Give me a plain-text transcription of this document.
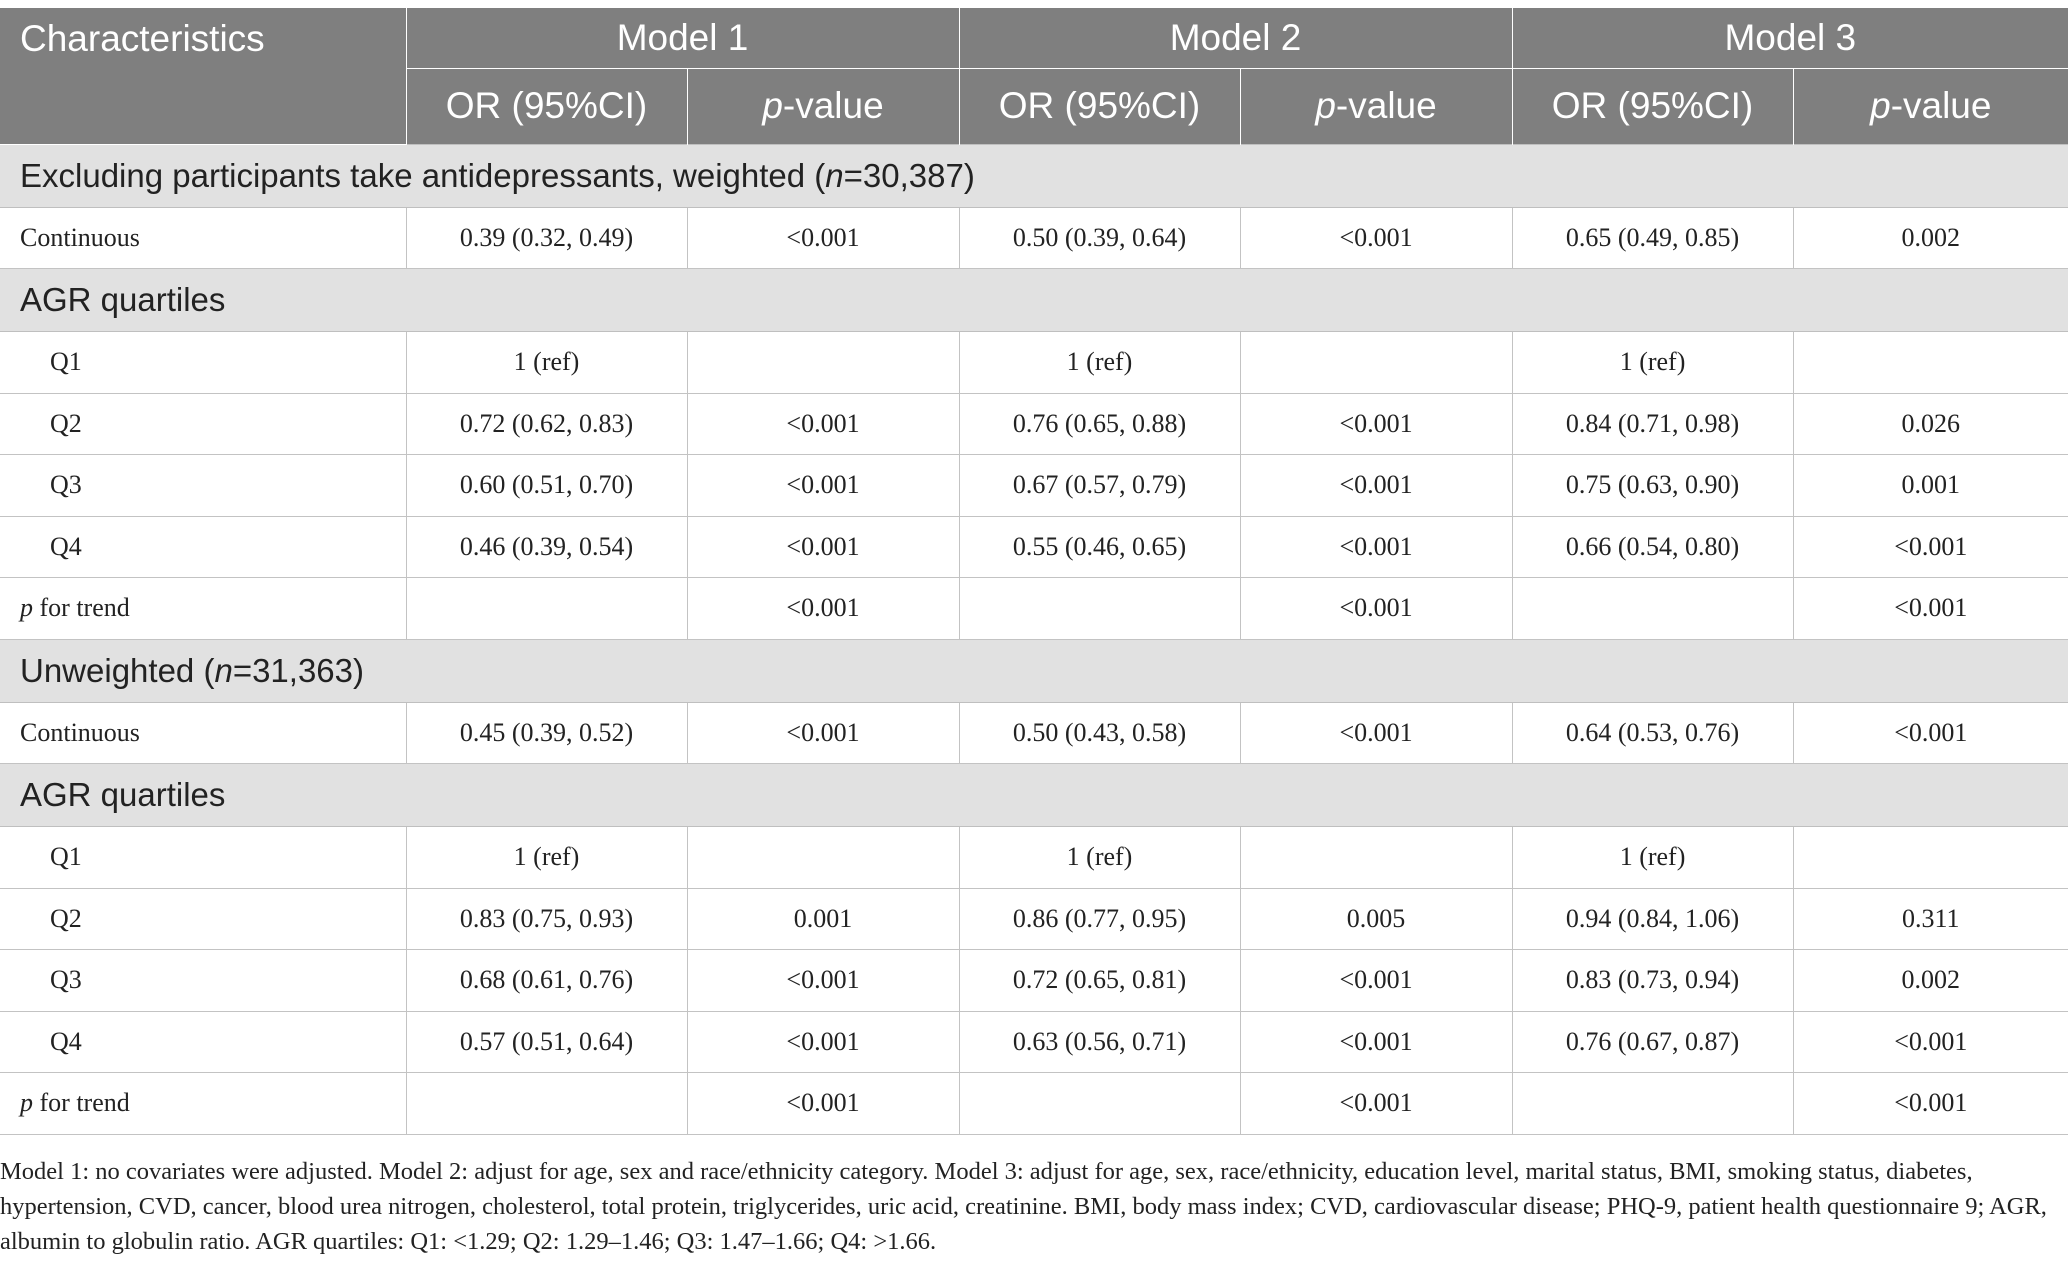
Characteristics	Model 1		Model 2		Model 3	
	OR (95%CI)	p-value	OR (95%CI)	p-value	OR (95%CI)	p-value
Excluding participants take antidepressants, weighted (n=30,387)						
Continuous	0.39 (0.32, 0.49)	<0.001	0.50 (0.39, 0.64)	<0.001	0.65 (0.49, 0.85)	0.002
AGR quartiles						
Q1	1 (ref)		1 (ref)		1 (ref)	
Q2	0.72 (0.62, 0.83)	<0.001	0.76 (0.65, 0.88)	<0.001	0.84 (0.71, 0.98)	0.026
Q3	0.60 (0.51, 0.70)	<0.001	0.67 (0.57, 0.79)	<0.001	0.75 (0.63, 0.90)	0.001
Q4	0.46 (0.39, 0.54)	<0.001	0.55 (0.46, 0.65)	<0.001	0.66 (0.54, 0.80)	<0.001
p for trend		<0.001		<0.001		<0.001
Unweighted (n=31,363)						
Continuous	0.45 (0.39, 0.52)	<0.001	0.50 (0.43, 0.58)	<0.001	0.64 (0.53, 0.76)	<0.001
AGR quartiles						
Q1	1 (ref)		1 (ref)		1 (ref)	
Q2	0.83 (0.75, 0.93)	0.001	0.86 (0.77, 0.95)	0.005	0.94 (0.84, 1.06)	0.311
Q3	0.68 (0.61, 0.76)	<0.001	0.72 (0.65, 0.81)	<0.001	0.83 (0.73, 0.94)	0.002
Q4	0.57 (0.51, 0.64)	<0.001	0.63 (0.56, 0.71)	<0.001	0.76 (0.67, 0.87)	<0.001
p for trend		<0.001		<0.001		<0.001
Model 1: no covariates were adjusted. Model 2: adjust for age, sex and race/ethnicity category. Model 3: adjust for age, sex, race/ethnicity, education level, marital status, BMI, smoking status, diabetes, hypertension, CVD, cancer, blood urea nitrogen, cholesterol, total protein, triglycerides, uric acid, creatinine. BMI, body mass index; CVD, cardiovascular disease; PHQ-9, patient health questionnaire 9; AGR, albumin to globulin ratio. AGR quartiles: Q1: <1.29; Q2: 1.29–1.46; Q3: 1.47–1.66; Q4: >1.66.
